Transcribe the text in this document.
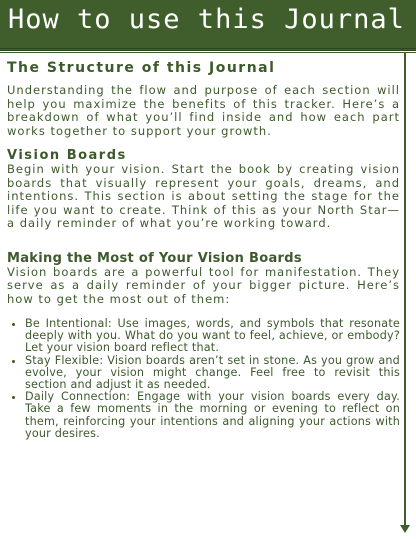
How to use this Journal
The Structure of this Journal

Understanding the flow and purpose of each section will help you maximize the benefits of this tracker. Here’s a breakdown of what you’ll find inside and how each part works together to support your growth.

Vision Boards

Begin with your vision. Start the book by creating vision boards that visually represent your goals, dreams, and intentions. This section is about setting the stage for the life you want to create. Think of this as your North Star—a daily reminder of what you’re working toward.

Making the Most of Your Vision Boards

Vision boards are a powerful tool for manifestation. They serve as a daily reminder of your bigger picture. Here’s how to get the most out of them:

• Be Intentional: Use images, words, and symbols that resonate deeply with you. What do you want to feel, achieve, or embody? Let your vision board reflect that.
• Stay Flexible: Vision boards aren’t set in stone. As you grow and evolve, your vision might change. Feel free to revisit this section and adjust it as needed.
• Daily Connection: Engage with your vision boards every day. Take a few moments in the morning or evening to reflect on them, reinforcing your intentions and aligning your actions with your desires.
